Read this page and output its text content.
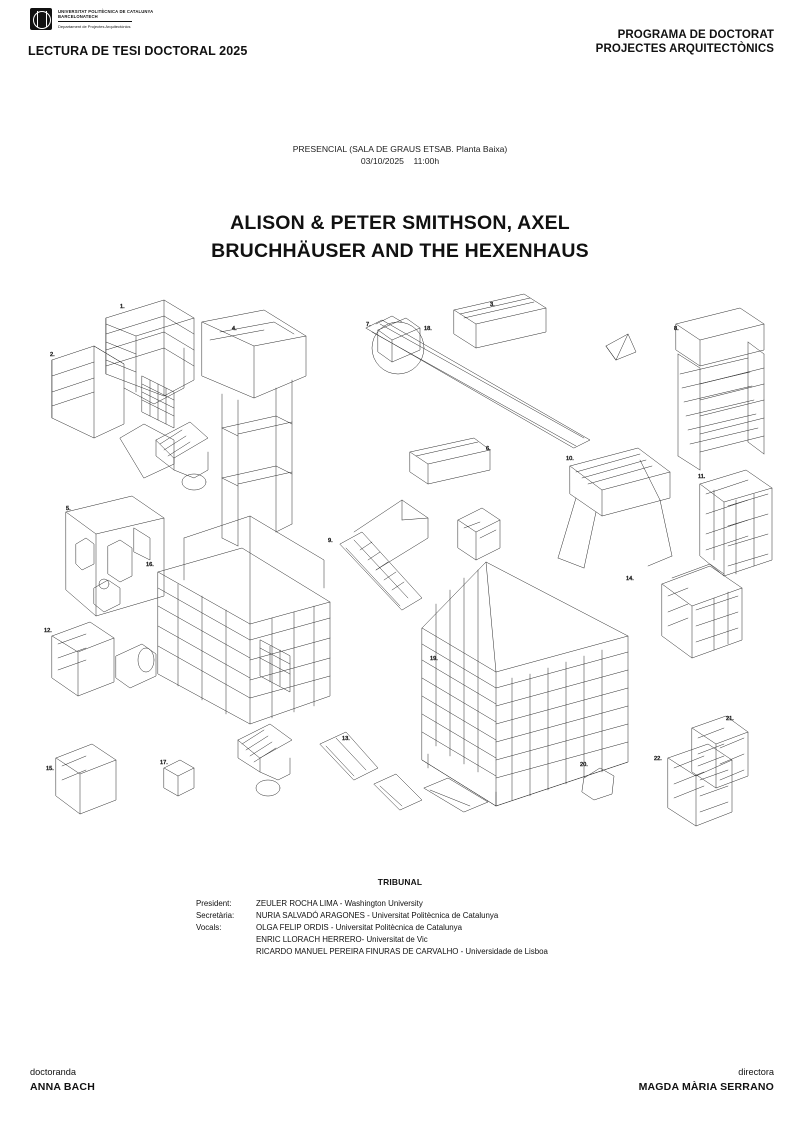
UNIVERSITAT POLITÈCNICA DE CATALUNYA
BARCELONATECH
Departament de Projectes Arquitectònics
LECTURA DE TESI DOCTORAL 2025
PROGRAMA DE DOCTORAT
PROJECTES ARQUITECTÒNICS
PRESENCIAL (SALA DE GRAUS ETSAB. Planta Baixa)
03/10/2025 11:00h
ALISON & PETER SMITHSON, AXEL
BRUCHHÄUSER AND THE HEXENHAUS
1.
2.
3.
4.
5.
6.
7.
8.
9.
10.
11.
12.
13.
14.
15.
16.
17.
18.
19.
20.
21.
22.
TRIBUNAL
President:	ZEULER ROCHA LIMA - Washington University
Secretària:	NURIA SALVADÓ ARAGONES - Universitat Politècnica de Catalunya
Vocals:	OLGA FELIP ORDIS - Universitat Politècnica de Catalunya
ENRIC LLORACH HERRERO- Universitat de Vic
RICARDO MANUEL PEREIRA FINURAS DE CARVALHO - Universidade de Lisboa
doctoranda
ANNA BACH
directora
MAGDA MÀRIA SERRANO
